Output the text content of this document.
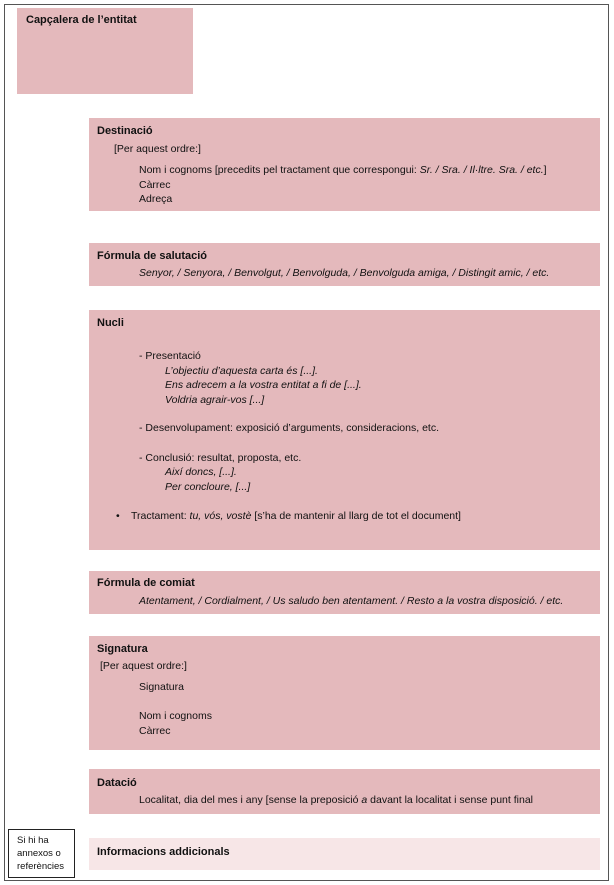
Capçalera de l’entitat
Destinació
[Per aquest ordre:]
Nom i cognoms [precedits pel tractament que correspongui: Sr. / Sra. / Il·ltre. Sra. / etc.]
Càrrec
Adreça
Fórmula de salutació
Senyor, / Senyora, / Benvolgut, / Benvolguda, / Benvolguda amiga, / Distingit amic, / etc.
Nucli
- Presentació
L’objectiu d’aquesta carta és [...].
Ens adrecem a la vostra entitat a fi de [...].
Voldria agrair-vos [...]
- Desenvolupament: exposició d’arguments, consideracions, etc.
- Conclusió: resultat, proposta, etc.
Així doncs, [...].
Per concloure, [...]
• Tractament: tu, vós, vostè [s’ha de mantenir al llarg de tot el document]
Fórmula de comiat
Atentament, / Cordialment, / Us saludo ben atentament. / Resto a la vostra disposició. / etc.
Signatura
[Per aquest ordre:]
Signatura
Nom i cognoms
Càrrec
Datació
Localitat, dia del mes i any [sense la preposició a davant la localitat i sense punt final
Informacions addicionals
Si hi ha
annexos o
referències
